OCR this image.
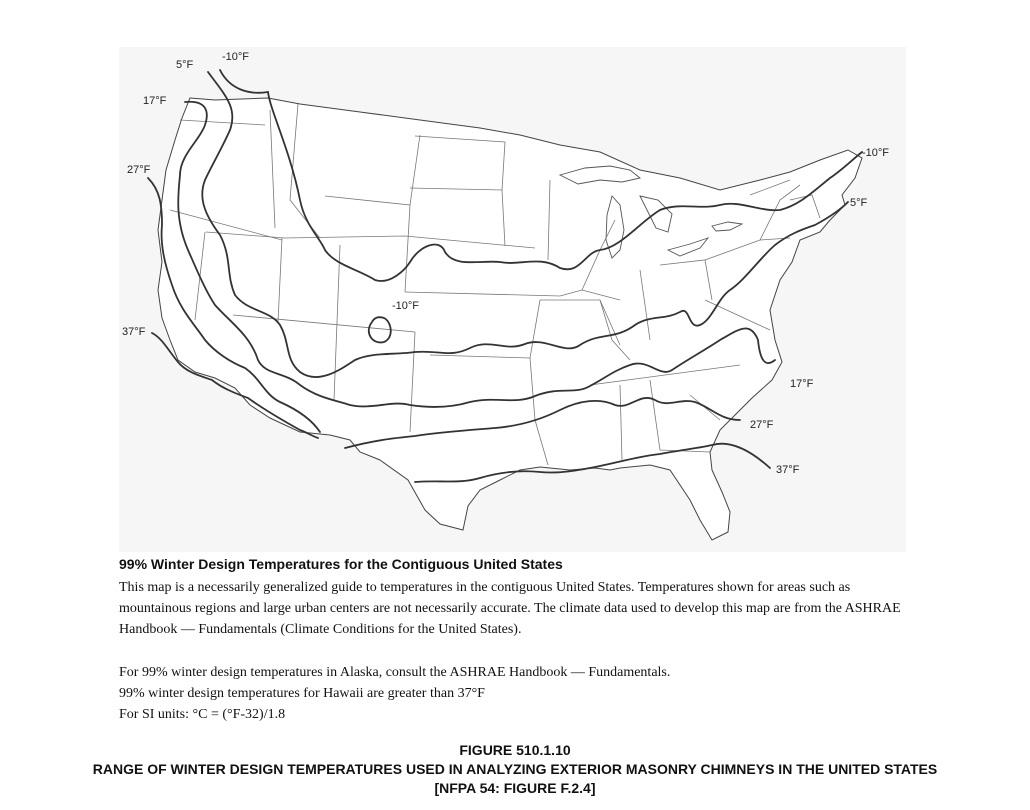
5°F
-10°F
17°F
27°F
37°F
-10°F
-10°F
5°F
17°F
27°F
37°F
99% Winter Design Temperatures for the Contiguous United States

This map is a necessarily generalized guide to temperatures in the contiguous United States. Temperatures shown for areas such as mountainous regions and large urban centers are not necessarily accurate. The climate data used to develop this map are from the ASHRAE Handbook — Fundamentals (Climate Conditions for the United States).

For 99% winter design temperatures in Alaska, consult the ASHRAE Handbook — Fundamentals.
99% winter design temperatures for Hawaii are greater than 37°F
For SI units: °C = (°F-32)/1.8
FIGURE 510.1.10
RANGE OF WINTER DESIGN TEMPERATURES USED IN ANALYZING EXTERIOR MASONRY CHIMNEYS IN THE UNITED STATES
[NFPA 54: FIGURE F.2.4]
